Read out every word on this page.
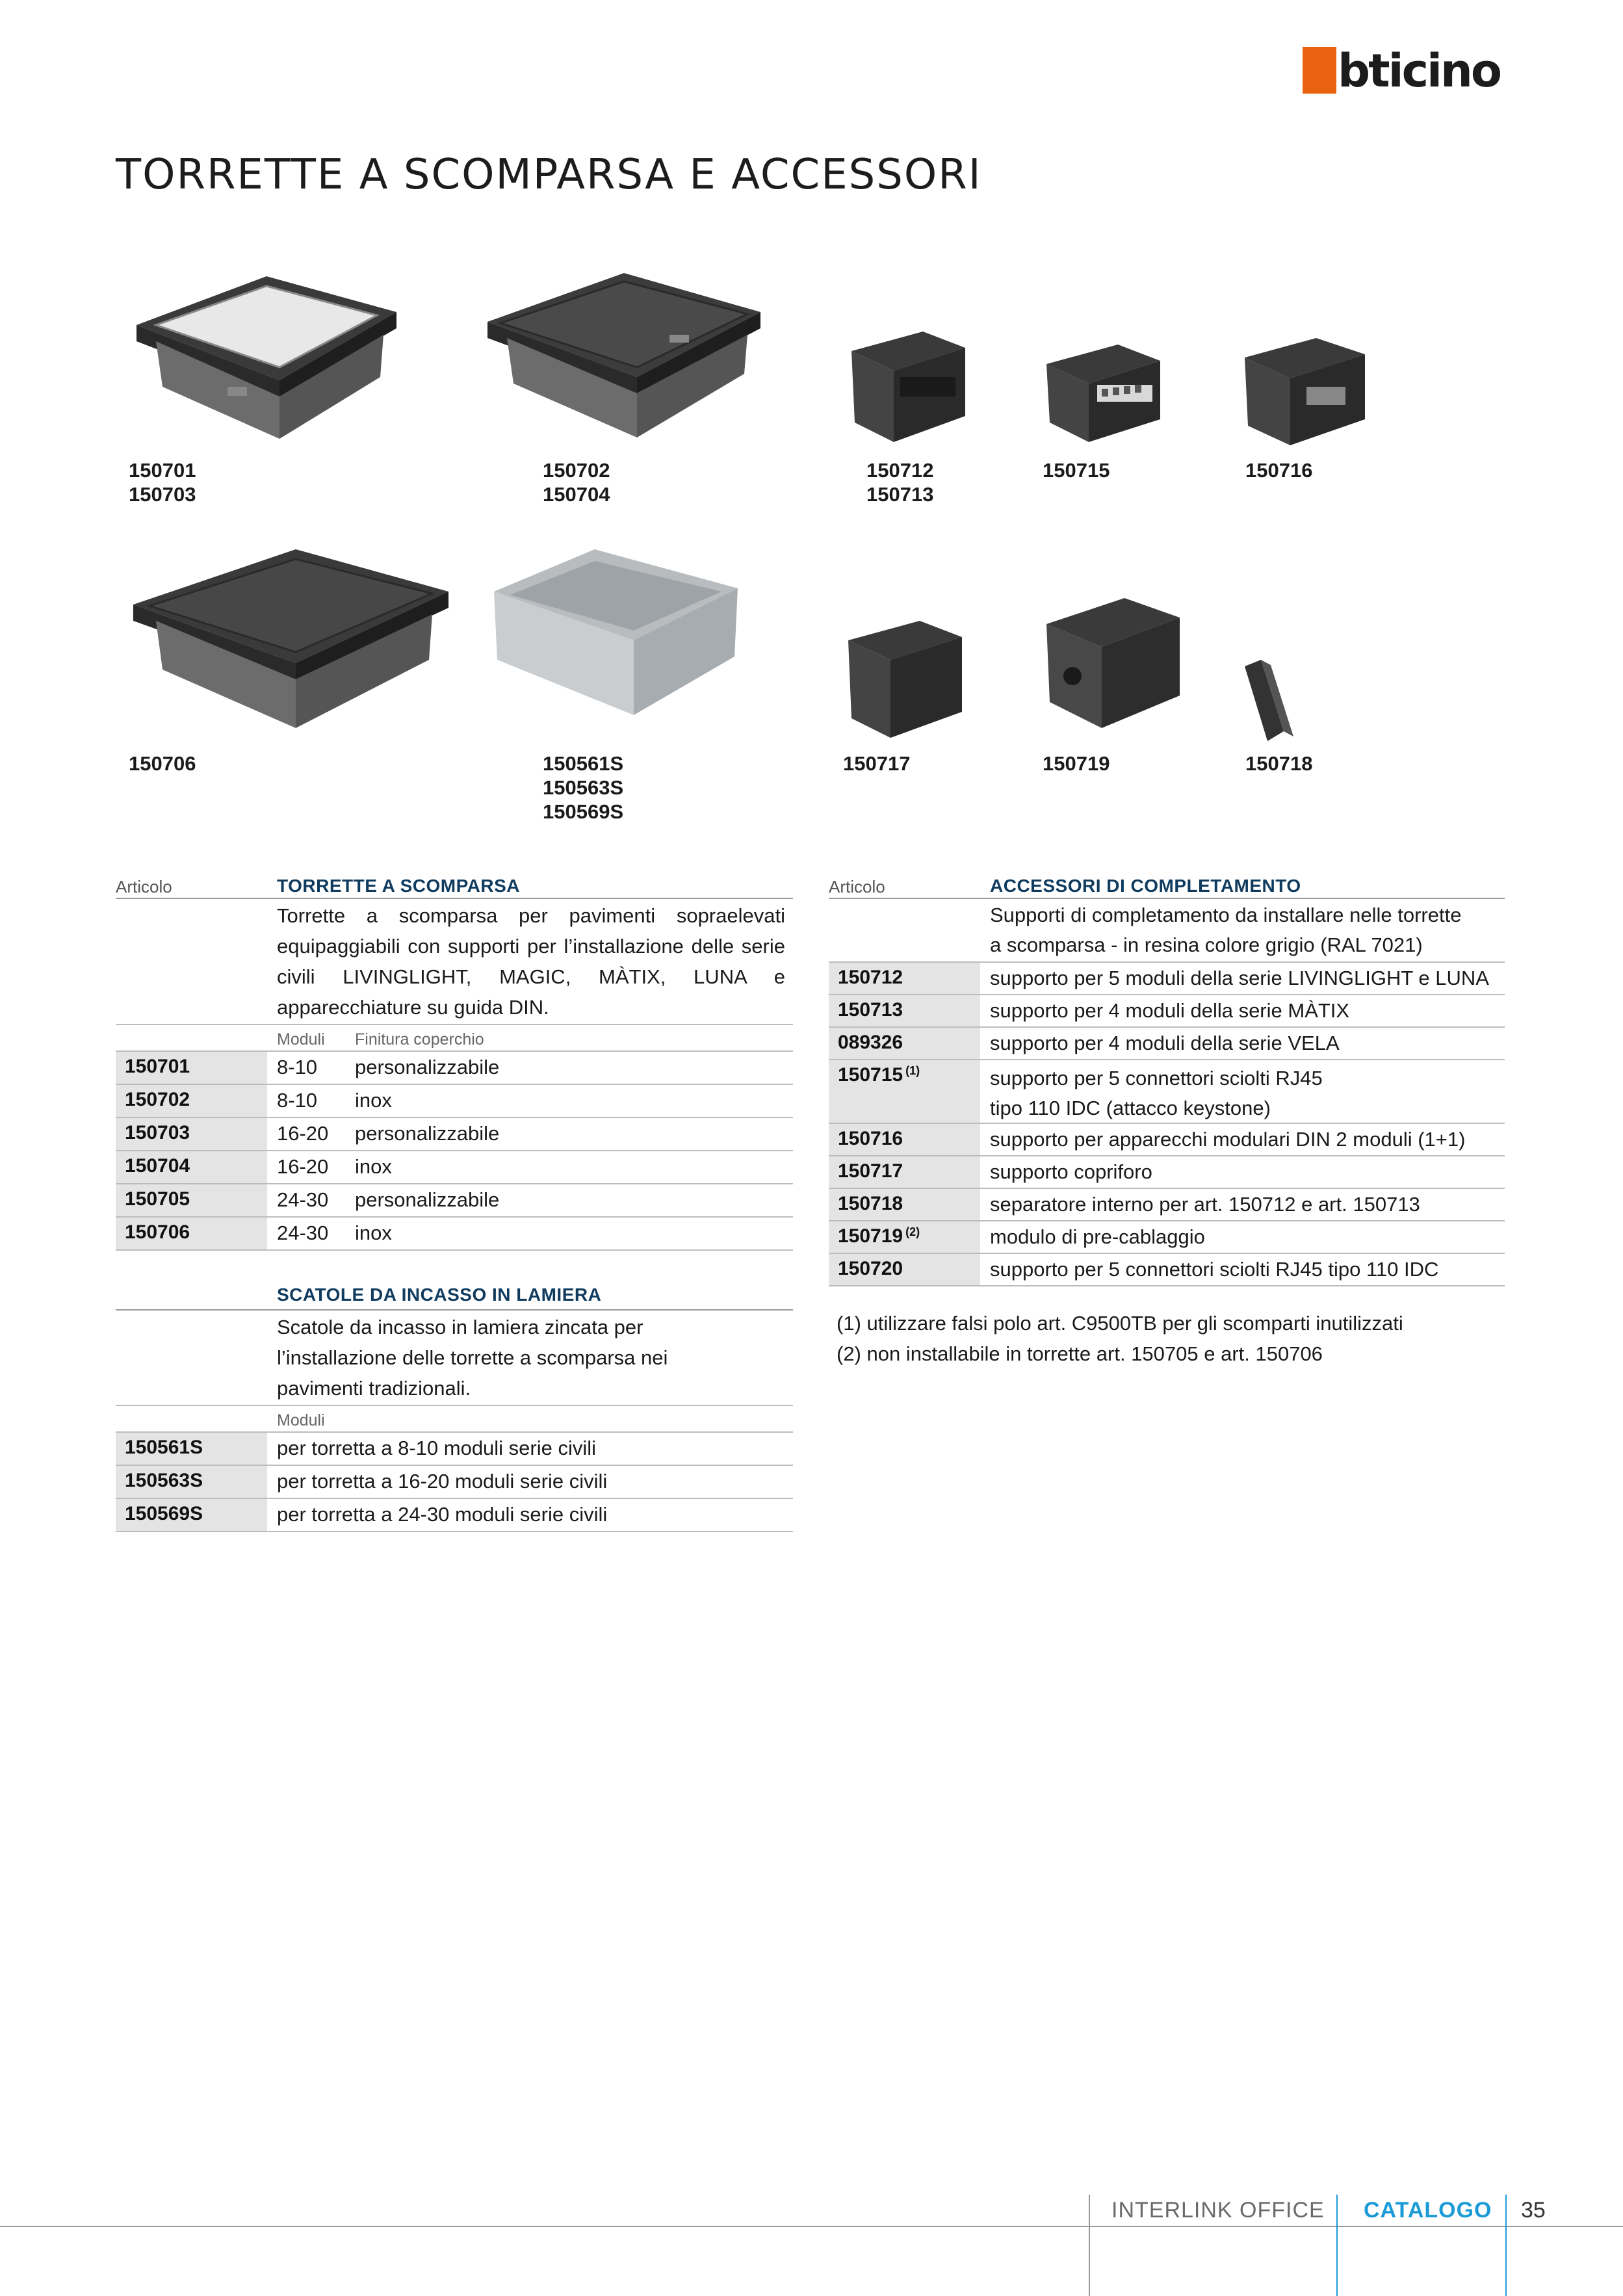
bticino
TORRETTE A SCOMPARSA E ACCESSORI
150701
150703
150702
150704
150712
150713
150715	150716
150706	150561S
150563S
150569S
150717	150719	150718
Articolo	TORRETTE A SCOMPARSA
Torrette a scomparsa per pavimenti sopraelevati equipaggiabili con supporti per l’installazione delle serie civili LIVINGLIGHT, MAGIC, MÀTIX, LUNA e apparecchiature su guida DIN.
Moduli Finitura coperchio
150701	8-10 personalizzabile
150702	8-10 inox
150703	16-20 personalizzabile
150704	16-20 inox
150705	24-30 personalizzabile
150706	24-30 inox
SCATOLE DA INCASSO IN LAMIERA
Scatole da incasso in lamiera zincata per l’installazione delle torrette a scomparsa nei pavimenti tradizionali.
Moduli
150561S	per torretta a 8-10 moduli serie civili
150563S	per torretta a 16-20 moduli serie civili
150569S	per torretta a 24-30 moduli serie civili
Articolo	ACCESSORI DI COMPLETAMENTO
Supporti di completamento da installare nelle torrette
a scomparsa - in resina colore grigio (RAL 7021)
150712	supporto per 5 moduli della serie LIVINGLIGHT e LUNA
150713	supporto per 4 moduli della serie MÀTIX
089326	supporto per 4 moduli della serie VELA
150715 $^{(1)}$	supporto per 5 connettori sciolti RJ45
tipo 110 IDC (attacco keystone)
150716	supporto per apparecchi modulari DIN 2 moduli (1+1)
150717	supporto copriforo
150718	separatore interno per art. 150712 e art. 150713
150719 $^{(2)}$	modulo di pre-cablaggio
150720	supporto per 5 connettori sciolti RJ45 tipo 110 IDC
(1) utilizzare falsi polo art. C9500TB per gli scomparti inutilizzati
(2) non installabile in torrette art. 150705 e art. 150706
INTERLINK OFFICE CATALOGO 35
